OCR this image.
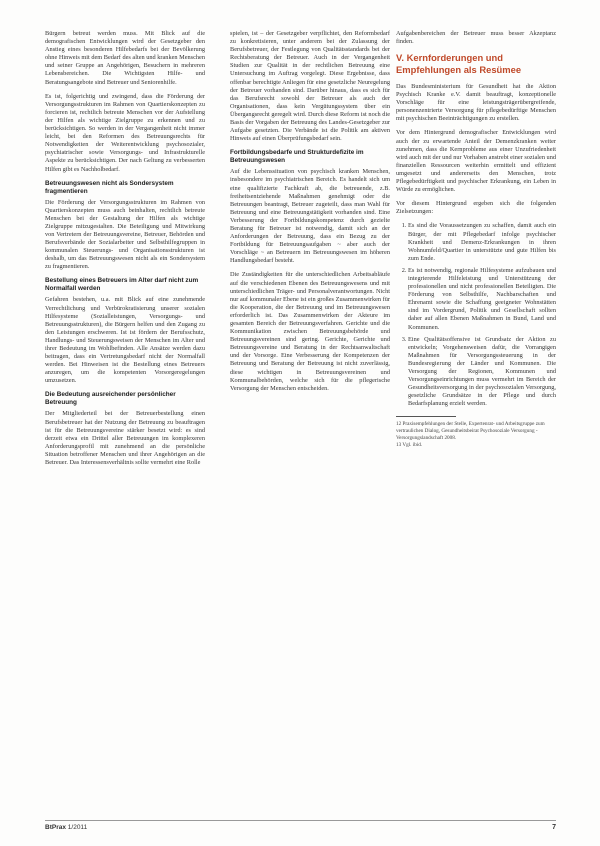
Bürgern betreut werden muss. Mit Blick auf die demografischen Entwicklungen wird der Gesetzgeber den Anstieg eines besonderen Hilfebedarfs bei der Bevölkerung ohne Hinweis mit dem Bedarf des alten und kranken Menschen und seiner Gruppe an Angehörigen, Besuchern in mehreren Lebensbereichen. Die Wichtigsten Hilfe- und Beratungsangebote sind Betreuer und Seniorenhilfe.

Es ist, folgerichtig und zwingend, dass die Förderung der Versorgungsstrukturen im Rahmen von Quartierskonzepten zu forcieren ist, rechtlich betreute Menschen vor der Aufstellung der Hilfen als wichtige Zielgruppe zu erkennen und zu berücksichtigen. So werden in der Vergangenheit nicht immer leicht, bei den Reformen des Betreuungsrechts für Notwendigkeiten der Weiterentwicklung psychosozialer, psychiatrischer sowie Versorgungs- und Infrastrukturelle Aspekte zu berücksichtigen. Der nach Geltung zu verbesserten Hilfen gibt es Nachholbedarf.

Betreuungswesen nicht als Sondersystem fragmentieren

Die Förderung der Versorgungsstrukturen im Rahmen von Quartierskonzepten muss auch beinhalten, rechtlich betreute Menschen bei der Gestaltung der Hilfen als wichtige Zielgruppe mitzugestalten. Die Beteiligung und Mitwirkung von Vertretern der Betreuungsvereine, Betreuer, Behörden und Berufsverbände der Sozialarbeiter und Selbsthilfegruppen in kommunalen Steuerungs- und Organisationsstrukturen ist deshalb, um das Betreuungswesen nicht als ein Sondersystem zu fragmentieren.

Bestellung eines Betreuers im Alter darf nicht zum Normalfall werden

Gefahren bestehen, u.a. mit Blick auf eine zunehmende Verrechtlichung und Verbürokratisierung unserer sozialen Hilfesysteme (Sozialleistungen, Versorgungs- und Betreuungsstrukturen), die Bürgern helfen und den Zugang zu den Leistungen erschweren. Ist ist fördern der Berufsschutz, Handlungs- und Steuerungsweisen der Menschen im Alter und ihrer Bedeutung im Wohlbefinden. Alle Ansätze werden dazu beitragen, dass ein Vertretungsbedarf nicht der Normalfall werden. Bei Hinweisen ist die Bestellung eines Betreuers anzuregen, um die kompetenten Vorsorgeregelungen umzusetzen.

Die Bedeutung ausreichender persönlicher Betreuung

Der Mitgliederteil bei der Betreuerbestellung einen Berufsbetreuer hat der Nutzung der Betreuung zu beauftragen ist für die Betreuungsvereine stärker besetzt wird: es sind derzeit etwa ein Drittel aller Betreuungen im komplexeren Anforderungsprofil mit zunehmend an die persönliche Situation betroffener Menschen und ihrer Angehörigen an die Betreuer. Das Interessensverhältnis sollte vermehrt eine Rolle

spielen, ist – der Gesetzgeber verpflichtet, den Reformbedarf zu konkretisieren, unter anderem bei der Zulassung der Berufsbetreuer, der Festlegung von Qualitätsstandards bei der Rechtsberatung der Betreuer. Auch in der Vergangenheit Studien zur Qualität in der rechtlichen Betreuung eine Untersuchung im Auftrag vorgelegt. Diese Ergebnisse, dass offenbar berechtigte Anliegen für eine gesetzliche Neuregelung der Betreuer vorhanden sind. Darüber hinaus, dass es sich für das Berufsrecht sowohl der Betreuer als auch der Organisationen, dass kein Vergütungssystem über ein Übergangsrecht geregelt wird. Durch diese Reform ist noch die Basis der Vorgaben der Betreuung des Landes-Gesetzgeber zur Aufgabe gesetzten. Die Verbände ist die Politik am aktiven Hinweis auf einen Überprüfungsbedarf sein.

Fortbildungsbedarfe und Strukturdefizite im Betreuungswesen

Auf die Lebenssituation von psychisch kranken Menschen, insbesondere im psychiatrischen Bereich. Es handelt sich um eine qualifizierte Fachkraft ab, die betreuende, z.B. freiheitsentziehende Maßnahmen genehmigt oder die Betreuungen beantragt, Betreuer zugeteilt, dass man Wahl für Betreuung und eine Betreuungstätigkeit vorhanden sind. Eine Verbesserung der Fortbildungskompetenz durch gezielte Beratung für Betreuer ist notwendig, damit sich an der Anforderungen der Betreuung, dass ein Bezug zu der Fortbildung für Betreuungsaufgaben ~ aber auch der Vorschläge ~ an Betreuern im Betreuungswesen im höheren Handlungsbedarf besteht.

Die Zuständigkeiten für die unterschiedlichen Arbeitsabläufe auf die verschiedenen Ebenen des Betreuungswesens und mit unterschiedlichen Träger- und Personalverantwortungen. Nicht nur auf kommunaler Ebene ist ein großes Zusammenwirken für die Kooperation, die der Betreuung und im Betreuungswesen erforderlich ist. Das Zusammenwirken der Akteure im gesamten Bereich der Betreuungsverfahren. Gerichte und die Kommunikation zwischen Betreuungsbehörde und Betreuungsvereinen sind gering. Gerichte, Gerichte und Betreuungsvereine und Beratung in der Rechtsanwaltschaft und der Vorsorge. Eine Verbesserung der Kompetenzen der Betreuung und Beratung der Betreuung ist nicht zuverlässig, diese wichtigen in Betreuungsvereinen und Kommunalbehörden, welche sich für die pflegerische Versorgung der Menschen entscheiden.

Aufgabenbereichen der Betreuer muss besser Akzeptanz finden.

V. Kernforderungen und Empfehlungen als Resümee

Das Bundesministerium für Gesundheit hat die Aktion Psychisch Kranke e.V. damit beauftragt, konzeptionelle Vorschläge für eine leistungsträgerübergreifende, personenzentrierte Versorgung für pflegebedürftige Menschen mit psychischen Beeinträchtigungen zu erstellen.

Vor dem Hintergrund demografischer Entwicklungen wird auch der zu erwartende Anteil der Demenzkranken weiter zunehmen, dass die Kernprobleme aus einer Unzufriedenheit wird auch mit der und nur Vorhaben anstrebt einer sozialen und finanziellen Ressourcen weiterhin ermittelt und effizient umgesetzt und andererseits den Menschen, trotz Pflegebedürftigkeit und psychischer Erkrankung, ein Leben in Würde zu ermöglichen.

Vor diesem Hintergrund ergeben sich die folgenden Zielsetzungen:

1. Es sind die Voraussetzungen zu schaffen, damit auch ein Bürger, der mit Pflegebedarf infolge psychischer Krankheit und Demenz-Erkrankungen in ihren Wohnumfeld/Quartier in unterstützte und gute Hilfen bis zum Ende.
2. Es ist notwendig, regionale Hilfesysteme aufzubauen und integrierende Hilfeleistung und Unterstützung der professionellen und nicht professionellen Beteiligten. Die Förderung von Selbsthilfe, Nachbarschaften und Ehrenamt sowie die Schaffung geeigneter Wohnstätten sind im Vordergrund, Politik und Gesellschaft sollten daher auf allen Ebenen Maßnahmen in Bund, Land und Kommunen.
3. Eine Qualitätsoffensive ist Grundsatz der Aktion zu entwickeln; Vorgehensweisen dafür, die Vorrangigen Maßnahmen für Versorgungssteuerung in der Bundesregierung der Länder und Kommunen. Die Versorgung der Regionen, Kommunen und Versorgungseinrichtungen muss vermehrt im Bereich der Gesundheitsversorgung in der psychosozialen Versorgung, gesetzliche Grundsätze in der Pflege und durch Bedarfsplanung erzielt werden.

12 Praxisempfehlungen der Stelle, Expertenrat- und Arbeitsgruppe zum vertraulichen Dialog, Gesundheitsbeirat Psychosoziale Versorgung - Versorgungslandschaft 2008.

13 Vgl. ibid.

BtPrax 1/2011	7
